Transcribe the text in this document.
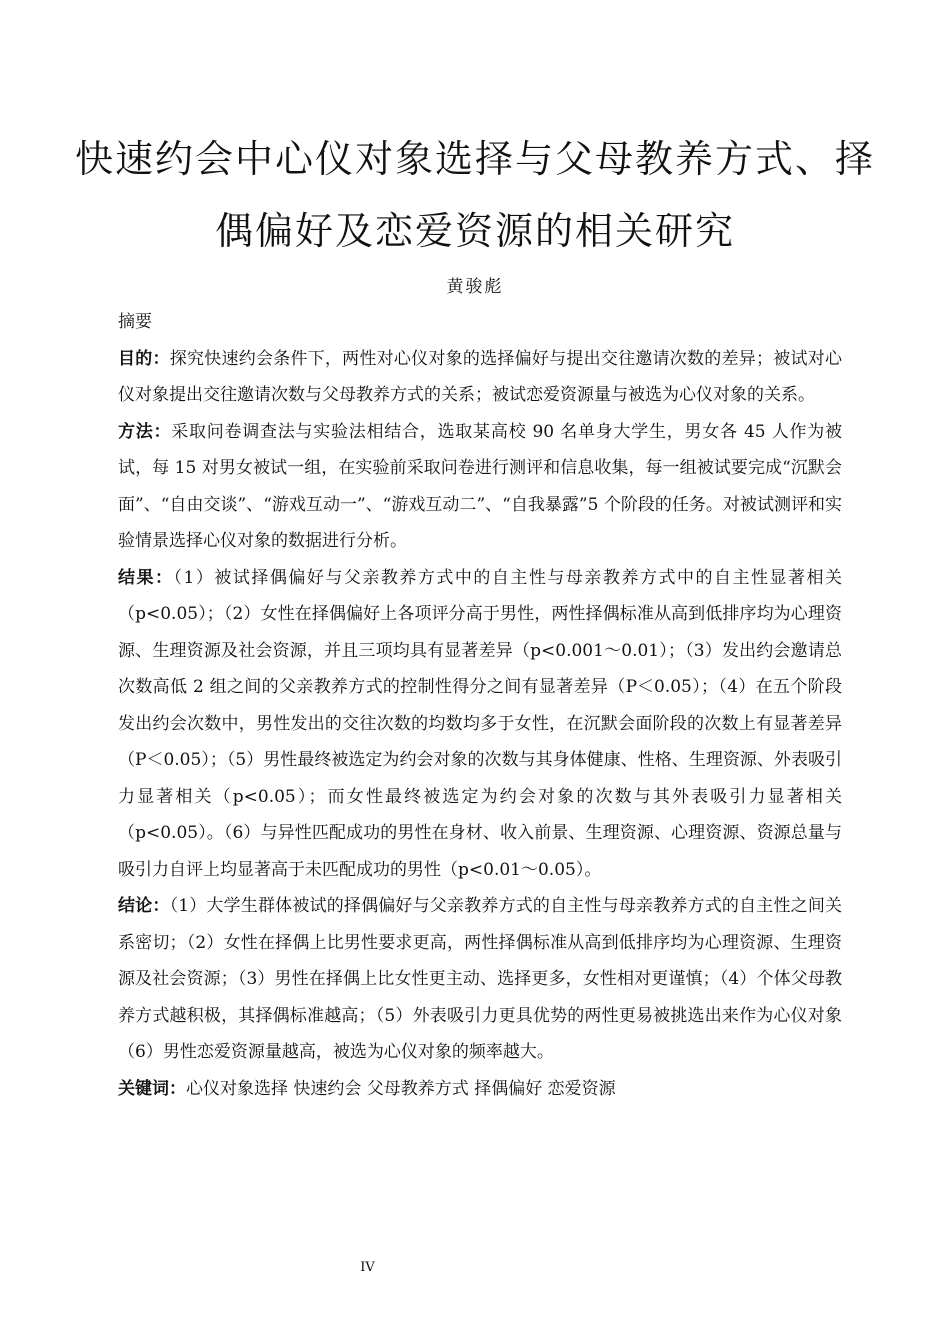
快速约会中心仪对象选择与父母教养方式、择
偶偏好及恋爱资源的相关研究
黄骏彪

摘要

目的：探究快速约会条件下，两性对心仪对象的选择偏好与提出交往邀请次数的差异；被试对心仪对象提出交往邀请次数与父母教养方式的关系；被试恋爱资源量与被选为心仪对象的关系。

方法：采取问卷调查法与实验法相结合，选取某高校 90 名单身大学生，男女各 45 人作为被试，每 15 对男女被试一组，在实验前采取问卷进行测评和信息收集，每一组被试要完成“沉默会面”、“自由交谈”、“游戏互动一”、“游戏互动二”、“自我暴露”5 个阶段的任务。对被试测评和实验情景选择心仪对象的数据进行分析。

结果：（1）被试择偶偏好与父亲教养方式中的自主性与母亲教养方式中的自主性显著相关（p<0.05）；（2）女性在择偶偏好上各项评分高于男性，两性择偶标准从高到低排序均为心理资源、生理资源及社会资源，并且三项均具有显著差异（p<0.001～0.01）；（3）发出约会邀请总次数高低 2 组之间的父亲教养方式的控制性得分之间有显著差异（P＜0.05）；（4）在五个阶段发出约会次数中，男性发出的交往次数的均数均多于女性，在沉默会面阶段的次数上有显著差异（P＜0.05）；（5）男性最终被选定为约会对象的次数与其身体健康、性格、生理资源、外表吸引力显著相关（p<0.05）；而女性最终被选定为约会对象的次数与其外表吸引力显著相关（p<0.05）。（6）与异性匹配成功的男性在身材、收入前景、生理资源、心理资源、资源总量与吸引力自评上均显著高于未匹配成功的男性（p<0.01～0.05）。

结论：（1）大学生群体被试的择偶偏好与父亲教养方式的自主性与母亲教养方式的自主性之间关系密切；（2）女性在择偶上比男性要求更高，两性择偶标准从高到低排序均为心理资源、生理资源及社会资源；（3）男性在择偶上比女性更主动、选择更多，女性相对更谨慎；（4）个体父母教养方式越积极，其择偶标准越高；（5）外表吸引力更具优势的两性更易被挑选出来作为心仪对象（6）男性恋爱资源量越高，被选为心仪对象的频率越大。

关键词：心仪对象选择 快速约会 父母教养方式 择偶偏好 恋爱资源

IV
